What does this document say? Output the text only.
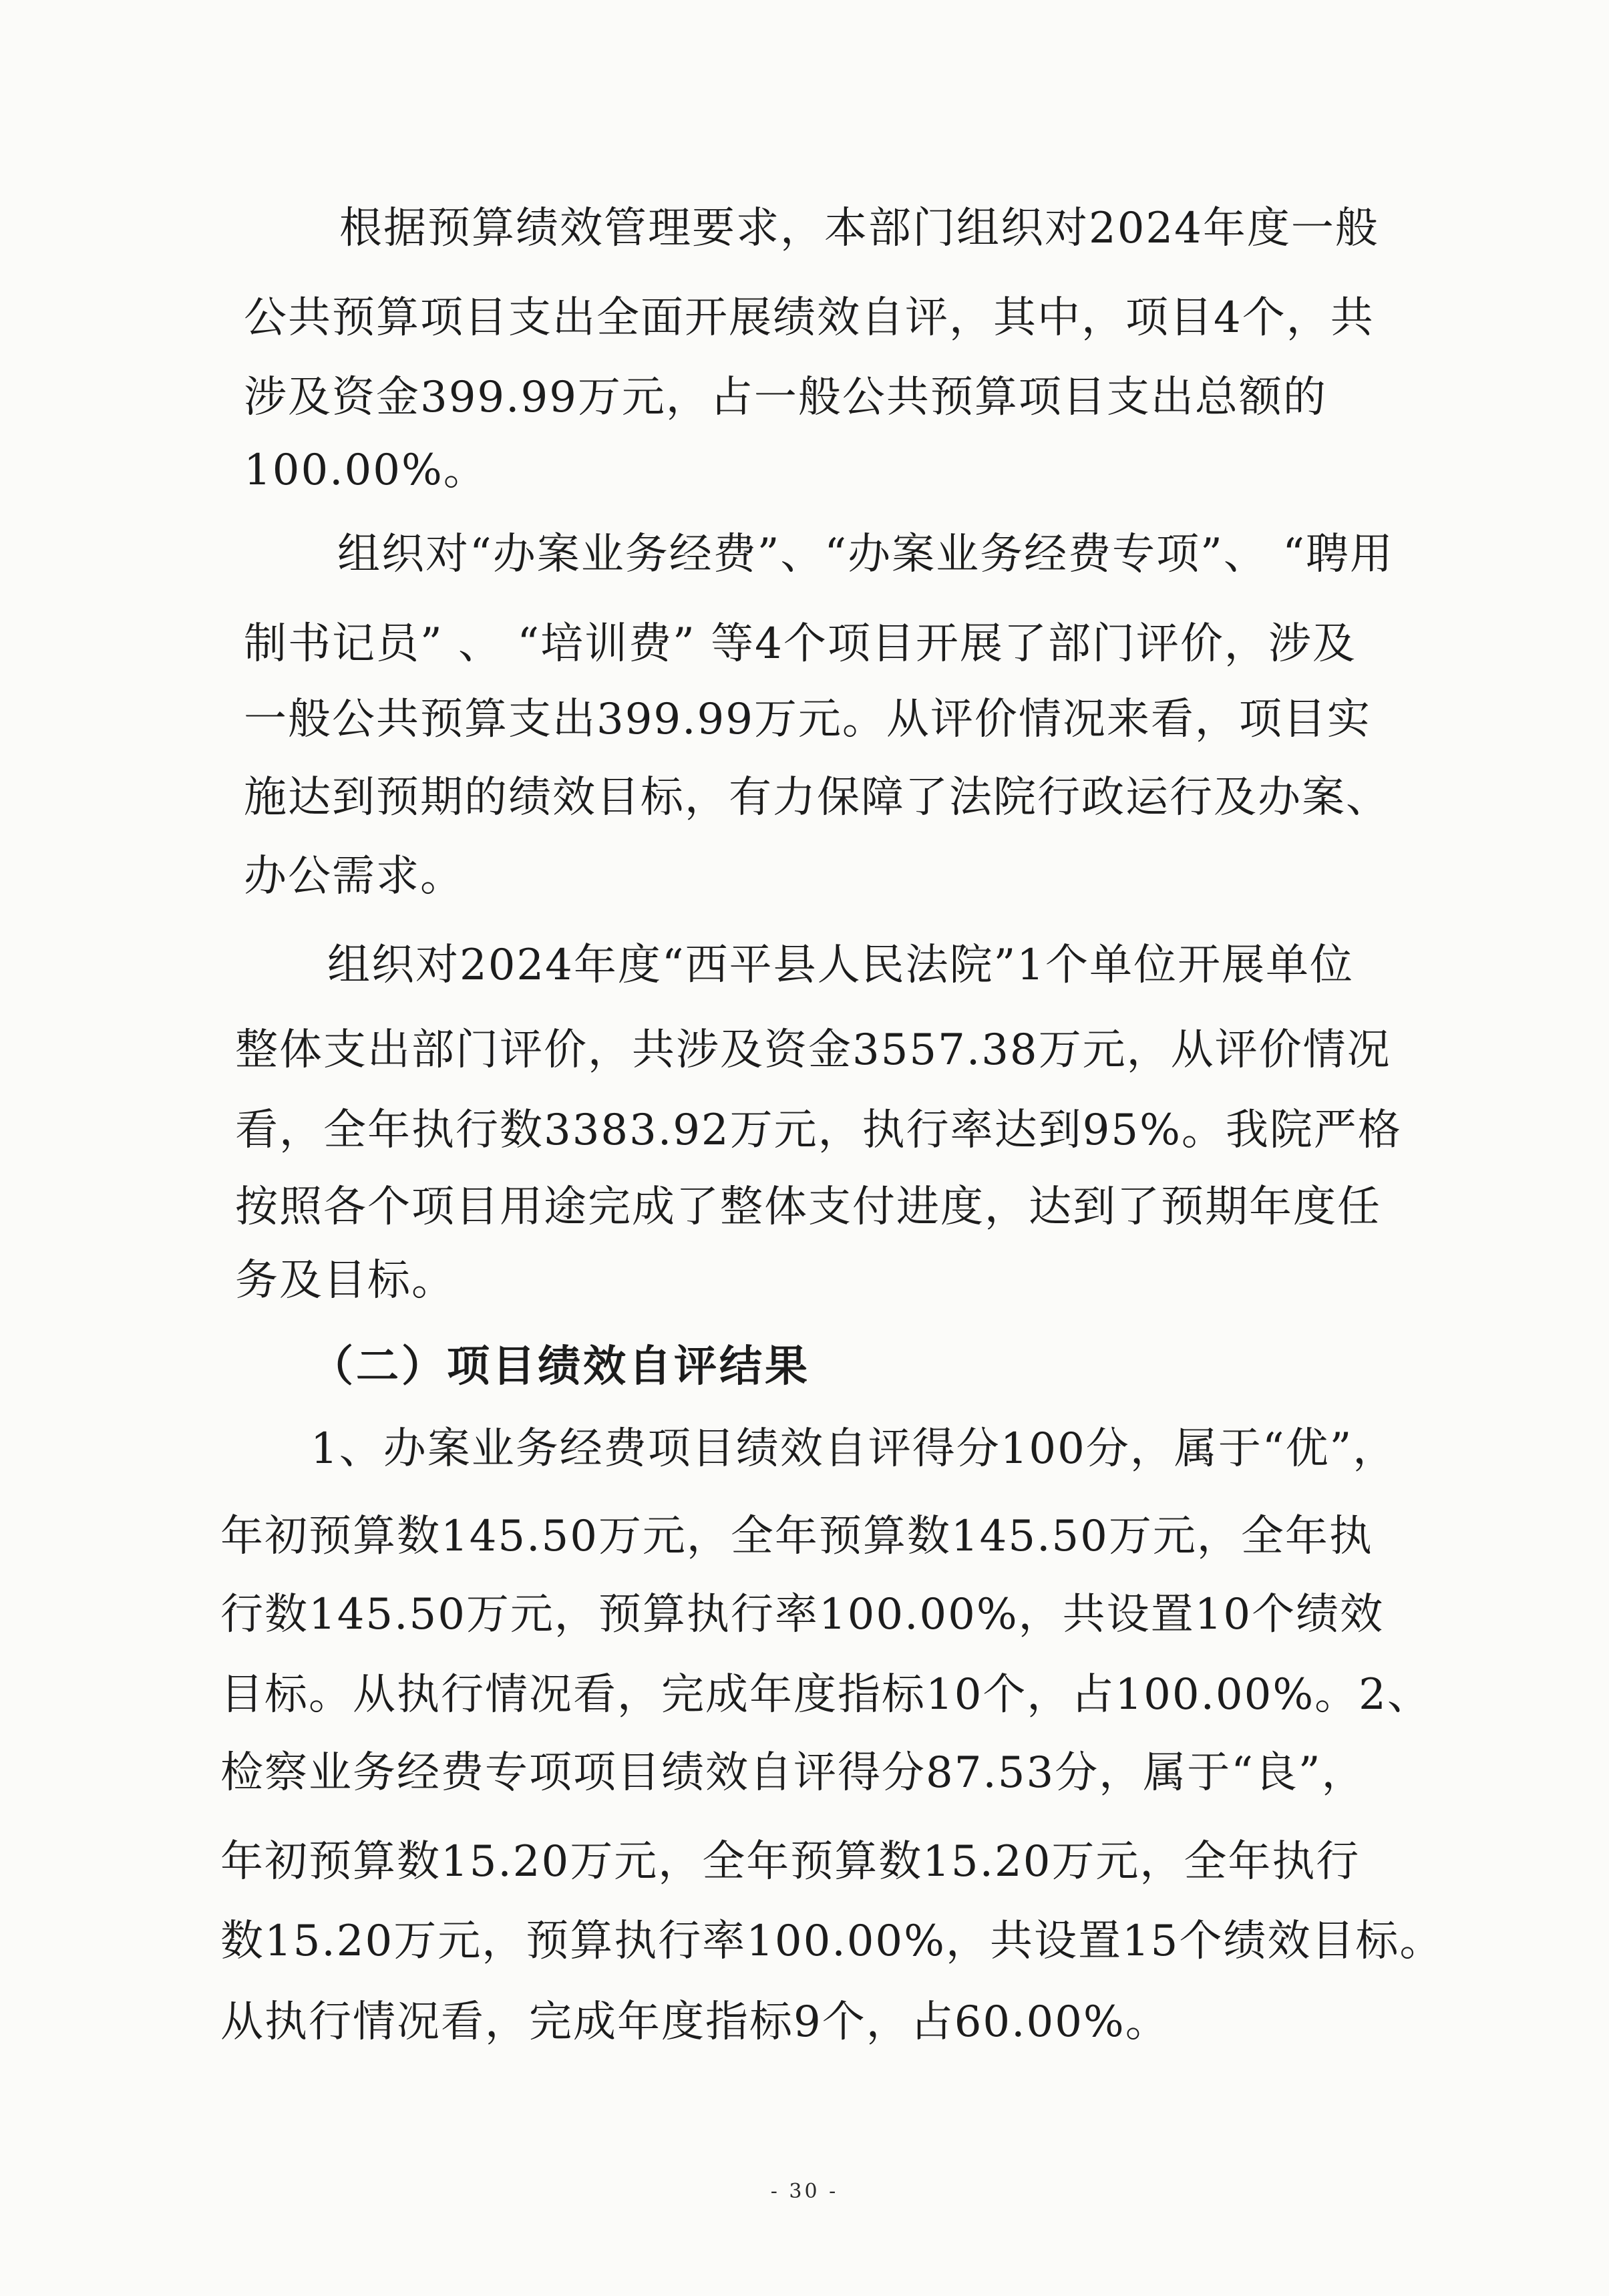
根据预算绩效管理要求，本部门组织对2024年度一般
公共预算项目支出全面开展绩效自评，其中，项目4个，共
涉及资金399.99万元，占一般公共预算项目支出总额的
100.00%。
组织对“办案业务经费”、“办案业务经费专项”、 “聘用
制书记员” 、 “培训费” 等4个项目开展了部门评价，涉及
一般公共预算支出399.99万元。从评价情况来看，项目实
施达到预期的绩效目标，有力保障了法院行政运行及办案、
办公需求。
组织对2024年度“西平县人民法院”1个单位开展单位
整体支出部门评价，共涉及资金3557.38万元，从评价情况
看，全年执行数3383.92万元，执行率达到95%。我院严格
按照各个项目用途完成了整体支付进度，达到了预期年度任
务及目标。
（二）项目绩效自评结果
1、办案业务经费项目绩效自评得分100分，属于“优”，
年初预算数145.50万元，全年预算数145.50万元，全年执
行数145.50万元，预算执行率100.00%，共设置10个绩效
目标。从执行情况看，完成年度指标10个，占100.00%。2、
检察业务经费专项项目绩效自评得分87.53分，属于“良”，
年初预算数15.20万元，全年预算数15.20万元，全年执行
数15.20万元，预算执行率100.00%，共设置15个绩效目标。
从执行情况看，完成年度指标9个，占60.00%。
- 30 -
